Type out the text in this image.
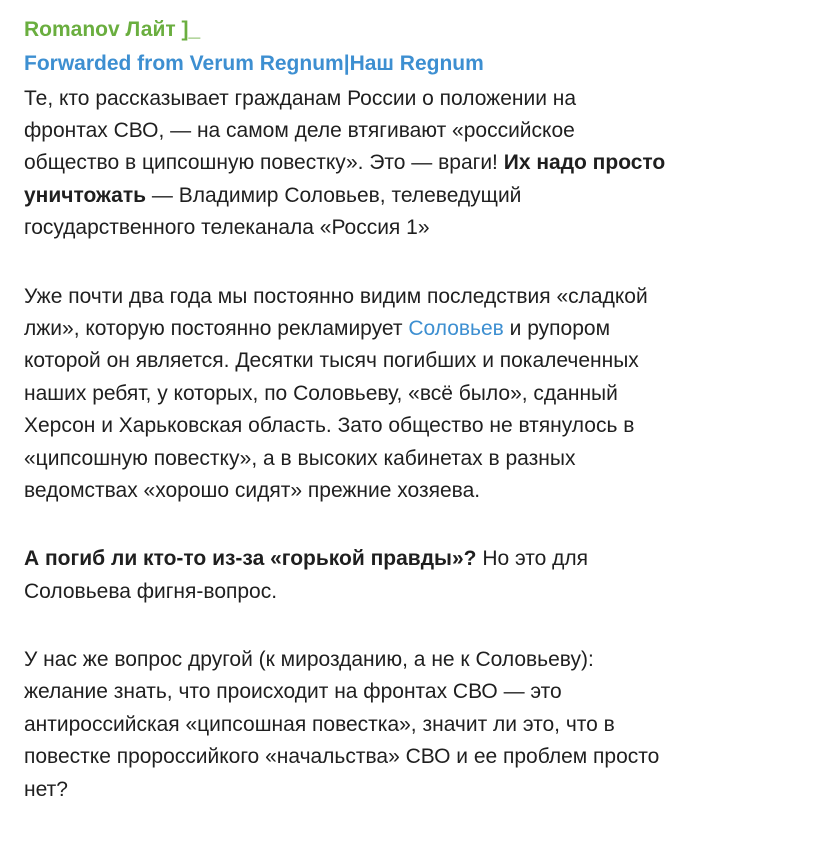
Romanov Лайт ]_
Forwarded from Verum Regnum|Наш Regnum
Те, кто рассказывает гражданам России о положении на
фронтах СВО, — на самом деле втягивают «российское
общество в ципсошную повестку». Это — враги! Их надо просто
уничтожать — Владимир Соловьев, телеведущий
государственного телеканала «Россия 1»
Уже почти два года мы постоянно видим последствия «сладкой
лжи», которую постоянно рекламирует Соловьев и рупором
которой он является. Десятки тысяч погибших и покалеченных
наших ребят, у которых, по Соловьеву, «всё было», сданный
Херсон и Харьковская область. Зато общество не втянулось в
«ципсошную повестку», а в высоких кабинетах в разных
ведомствах «хорошо сидят» прежние хозяева.
А погиб ли кто-то из-за «горькой правды»? Но это для
Соловьева фигня-вопрос.
У нас же вопрос другой (к мирозданию, а не к Соловьеву):
желание знать, что происходит на фронтах СВО — это
антироссийская «ципсошная повестка», значит ли это, что в
повестке пророссийкого «начальства» СВО и ее проблем просто
нет?
